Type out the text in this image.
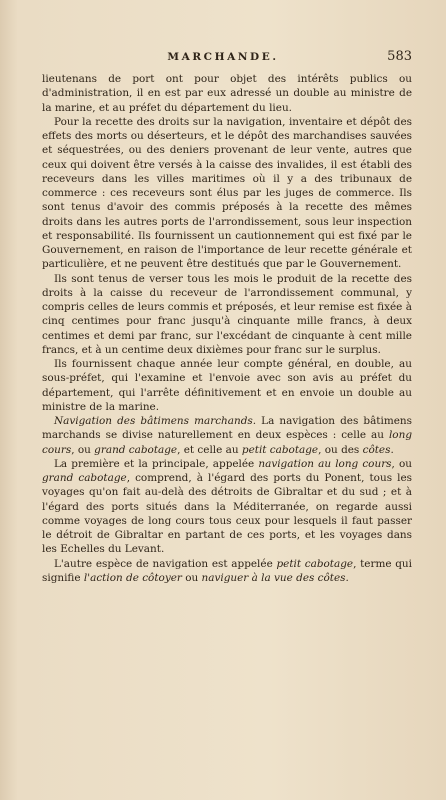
MARCHANDE.	583

lieutenans de port ont pour objet des intérêts publics ou d'administration, il en est par eux adressé un double au ministre de la marine, et au préfet du département du lieu.

Pour la recette des droits sur la navigation, inventaire et dépôt des effets des morts ou déserteurs, et le dépôt des marchandises sauvées et séquestrées, ou des deniers provenant de leur vente, autres que ceux qui doivent être versés à la caisse des invalides, il est établi des receveurs dans les villes maritimes où il y a des tribunaux de commerce : ces receveurs sont élus par les juges de commerce. Ils sont tenus d'avoir des commis préposés à la recette des mêmes droits dans les autres ports de l'arrondissement, sous leur inspection et responsabilité. Ils fournissent un cautionnement qui est fixé par le Gouvernement, en raison de l'importance de leur recette générale et particulière, et ne peuvent être destitués que par le Gouvernement.

Ils sont tenus de verser tous les mois le produit de la recette des droits à la caisse du receveur de l'arrondissement communal, y compris celles de leurs commis et préposés, et leur remise est fixée à cinq centimes pour franc jusqu'à cinquante mille francs, à deux centimes et demi par franc, sur l'excédant de cinquante à cent mille francs, et à un centime deux dixièmes pour franc sur le surplus.

Ils fournissent chaque année leur compte général, en double, au sous-préfet, qui l'examine et l'envoie avec son avis au préfet du département, qui l'arrête définitivement et en envoie un double au ministre de la marine.

Navigation des bâtimens marchands. La navigation des bâtimens marchands se divise naturellement en deux espèces : celle au long cours, ou grand cabotage, et celle au petit cabotage, ou des côtes.

La première et la principale, appelée navigation au long cours, ou grand cabotage, comprend, à l'égard des ports du Ponent, tous les voyages qu'on fait au-delà des détroits de Gibraltar et du sud ; et à l'égard des ports situés dans la Méditerranée, on regarde aussi comme voyages de long cours tous ceux pour lesquels il faut passer le détroit de Gibraltar en partant de ces ports, et les voyages dans les Echelles du Levant.

L'autre espèce de navigation est appelée petit cabotage, terme qui signifie l'action de côtoyer ou naviguer à la vue des côtes.
